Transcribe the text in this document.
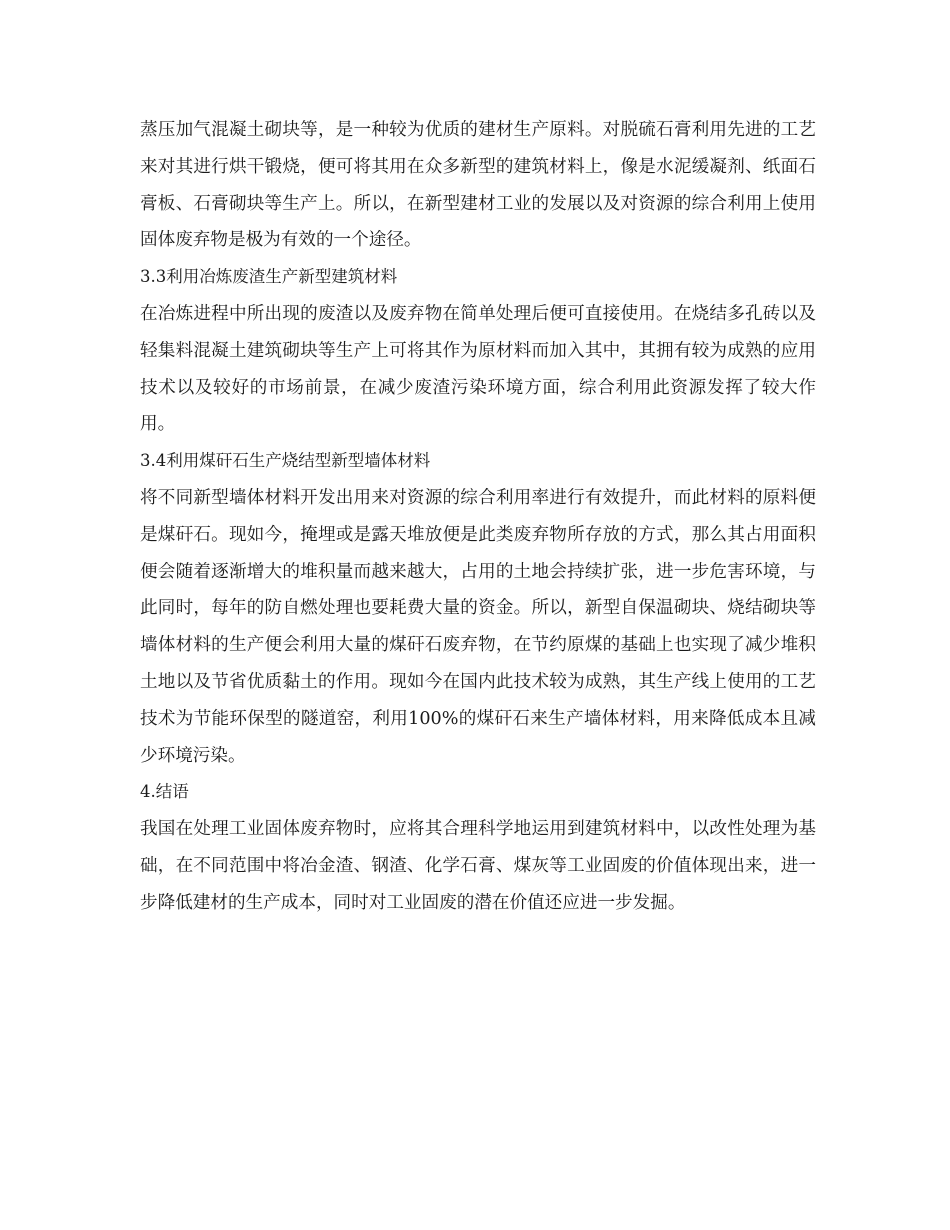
蒸压加气混凝土砌块等，是一种较为优质的建材生产原料。对脱硫石膏利用先进的工艺来对其进行烘干锻烧，便可将其用在众多新型的建筑材料上，像是水泥缓凝剂、纸面石膏板、石膏砌块等生产上。所以，在新型建材工业的发展以及对资源的综合利用上使用固体废弃物是极为有效的一个途径。

3.3利用冶炼废渣生产新型建筑材料

在冶炼进程中所出现的废渣以及废弃物在简单处理后便可直接使用。在烧结多孔砖以及轻集料混凝土建筑砌块等生产上可将其作为原材料而加入其中，其拥有较为成熟的应用技术以及较好的市场前景，在减少废渣污染环境方面，综合利用此资源发挥了较大作用。

3.4利用煤矸石生产烧结型新型墙体材料

将不同新型墙体材料开发出用来对资源的综合利用率进行有效提升，而此材料的原料便是煤矸石。现如今，掩埋或是露天堆放便是此类废弃物所存放的方式，那么其占用面积便会随着逐渐增大的堆积量而越来越大，占用的土地会持续扩张，进一步危害环境，与此同时，每年的防自燃处理也要耗费大量的资金。所以，新型自保温砌块、烧结砌块等墙体材料的生产便会利用大量的煤矸石废弃物，在节约原煤的基础上也实现了减少堆积土地以及节省优质黏土的作用。现如今在国内此技术较为成熟，其生产线上使用的工艺技术为节能环保型的隧道窑，利用100%的煤矸石来生产墙体材料，用来降低成本且减少环境污染。

4.结语

我国在处理工业固体废弃物时，应将其合理科学地运用到建筑材料中，以改性处理为基础，在不同范围中将冶金渣、钢渣、化学石膏、煤灰等工业固废的价值体现出来，进一步降低建材的生产成本，同时对工业固废的潜在价值还应进一步发掘。
